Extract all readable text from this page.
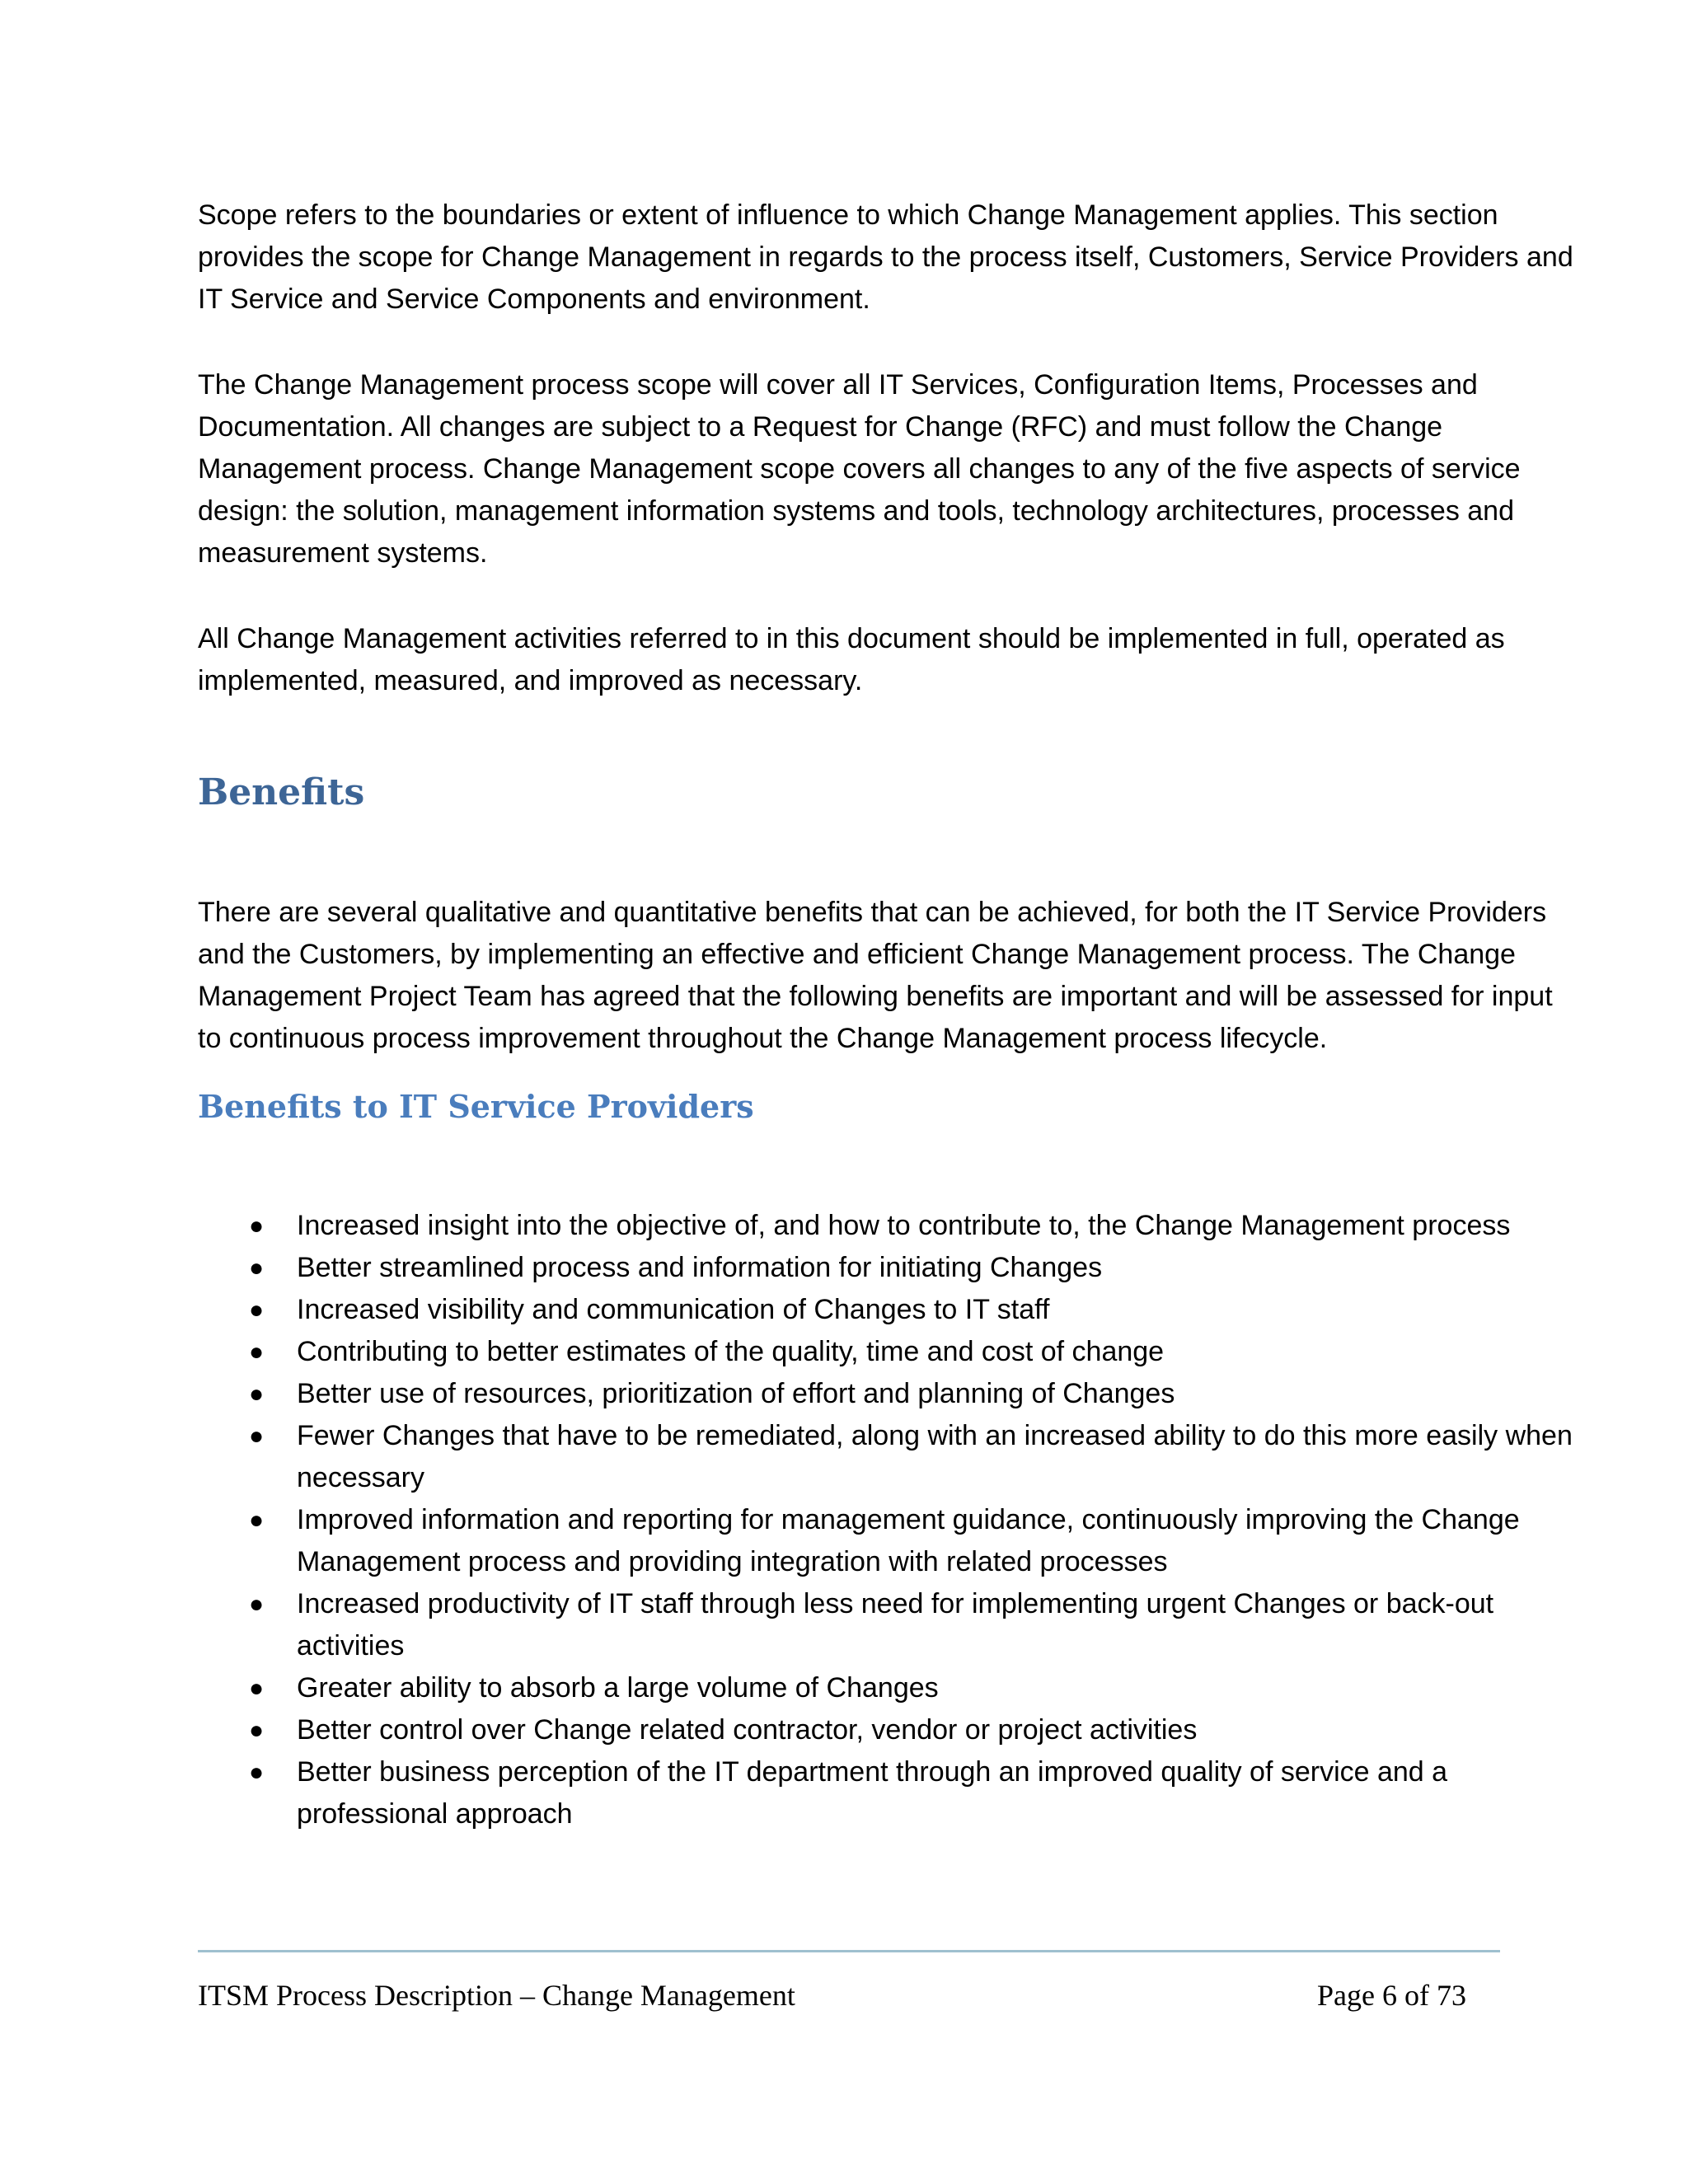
Scope refers to the boundaries or extent of influence to which Change Management applies. This section provides the scope for Change Management in regards to the process itself, Customers, Service Providers and IT Service and Service Components and environment.

The Change Management process scope will cover all IT Services, Configuration Items, Processes and Documentation. All changes are subject to a Request for Change (RFC) and must follow the Change Management process. Change Management scope covers all changes to any of the five aspects of service design: the solution, management information systems and tools, technology architectures, processes and measurement systems.

All Change Management activities referred to in this document should be implemented in full, operated as implemented, measured, and improved as necessary.

Benefits

There are several qualitative and quantitative benefits that can be achieved, for both the IT Service Providers and the Customers, by implementing an effective and efficient Change Management process. The Change Management Project Team has agreed that the following benefits are important and will be assessed for input to continuous process improvement throughout the Change Management process lifecycle.

Benefits to IT Service Providers
● Increased insight into the objective of, and how to contribute to, the Change Management process
● Better streamlined process and information for initiating Changes
● Increased visibility and communication of Changes to IT staff
● Contributing to better estimates of the quality, time and cost of change
● Better use of resources, prioritization of effort and planning of Changes
● Fewer Changes that have to be remediated, along with an increased ability to do this more easily when necessary
● Improved information and reporting for management guidance, continuously improving the Change Management process and providing integration with related processes
● Increased productivity of IT staff through less need for implementing urgent Changes or back-out activities
● Greater ability to absorb a large volume of Changes
● Better control over Change related contractor, vendor or project activities
● Better business perception of the IT department through an improved quality of service and a professional approach

ITSM Process Description – Change Management	Page 6 of 73
